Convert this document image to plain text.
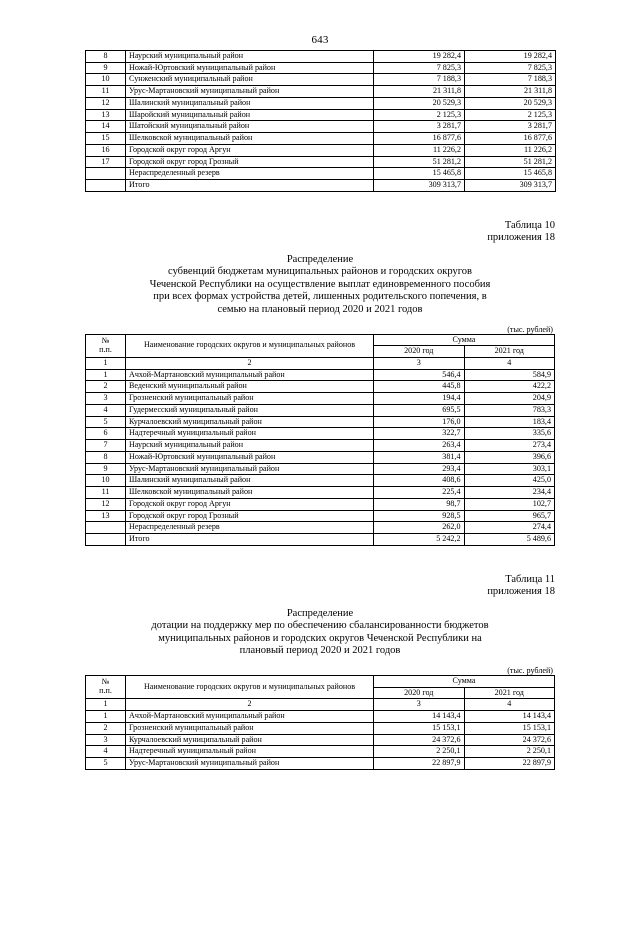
643
8	Наурский муниципальный район	19 282,4	19 282,4
9	Ножай-Юртовский муниципальный район	7 825,3	7 825,3
10	Сунженский муниципальный район	7 188,3	7 188,3
11	Урус-Мартановский муниципальный район	21 311,8	21 311,8
12	Шалинский муниципальный район	20 529,3	20 529,3
13	Шаройский муниципальный район	2 125,3	2 125,3
14	Шатойский муниципальный район	3 281,7	3 281,7
15	Шелковской муниципальный район	16 877,6	16 877,6
16	Городской округ город Аргун	11 226,2	11 226,2
17	Городской округ город Грозный	51 281,2	51 281,2
	Нераспределенный резерв	15 465,8	15 465,8
	Итого	309 313,7	309 313,7
Таблица 10
приложения 18
Распределение
субвенций бюджетам муниципальных районов и городских округов
Чеченской Республики на осуществление выплат единовременного пособия
при всех формах устройства детей, лишенных родительского попечения, в
семью на плановый период 2020 и 2021 годов
(тыс. рублей)
№
п.п.	Наименование городских округов и муниципальных районов	Сумма	
		2020 год	2021 год
1	2	3	4
1	Ачхой-Мартановский муниципальный район	546,4	584,9
2	Веденский муниципальный район	445,8	422,2
3	Грозненский муниципальный район	194,4	204,9
4	Гудермесский муниципальный район	695,5	783,3
5	Курчалоевский муниципальный район	176,0	183,4
6	Надтеречный муниципальный район	322,7	335,6
7	Наурский муниципальный район	263,4	273,4
8	Ножай-Юртовский муниципальный район	381,4	396,6
9	Урус-Мартановский муниципальный район	293,4	303,1
10	Шалинский муниципальный район	408,6	425,0
11	Шелковской муниципальный район	225,4	234,4
12	Городской округ город Аргун	98,7	102,7
13	Городской округ город Грозный	928,5	965,7
	Нераспределенный резерв	262,0	274,4
	Итого	5 242,2	5 489,6
Таблица 11
приложения 18
Распределение
дотации на поддержку мер по обеспечению сбалансированности бюджетов
муниципальных районов и городских округов Чеченской Республики на
плановый период 2020 и 2021 годов
(тыс. рублей)
№
п.п.	Наименование городских округов и муниципальных районов	Сумма	
		2020 год	2021 год
1	2	3	4
1	Ачхой-Мартановский муниципальный район	14 143,4	14 143,4
2	Грозненский муниципальный район	15 153,1	15 153,1
3	Курчалоевский муниципальный район	24 372,6	24 372,6
4	Надтеречный муниципальный район	2 250,1	2 250,1
5	Урус-Мартановский муниципальный район	22 897,9	22 897,9
